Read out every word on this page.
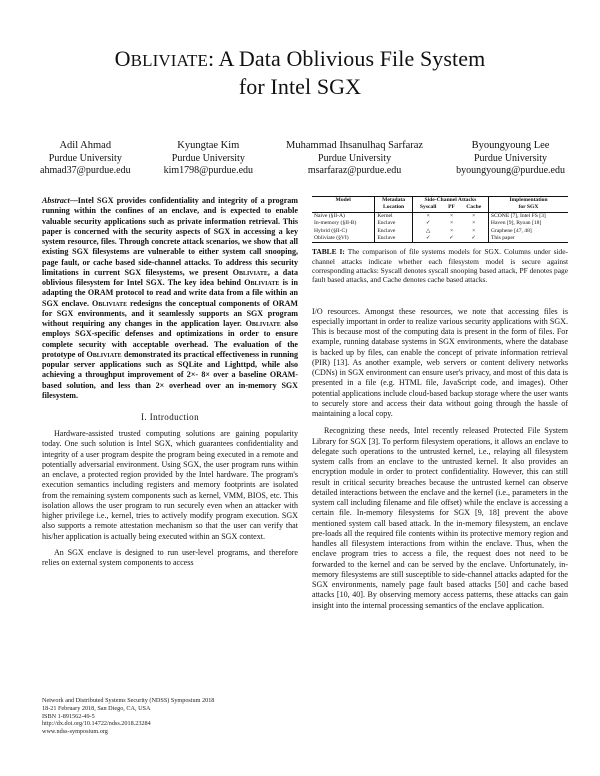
OBLIVIATE: A Data Oblivious File System
for Intel SGX
Adil Ahmad
Purdue University
ahmad37@purdue.edu
Kyungtae Kim
Purdue University
kim1798@purdue.edu
Muhammad Ihsanulhaq Sarfaraz
Purdue University
msarfaraz@purdue.edu
Byoungyoung Lee
Purdue University
byoungyoung@purdue.edu

Abstract—Intel SGX provides confidentiality and integrity of a program running within the confines of an enclave, and is expected to enable valuable security applications such as private information retrieval. This paper is concerned with the security aspects of SGX in accessing a key system resource, files. Through concrete attack scenarios, we show that all existing SGX filesystems are vulnerable to either system call snooping, page fault, or cache based side-channel attacks. To address this security limitations in current SGX filesystems, we present Obliviate, a data oblivious filesystem for Intel SGX. The key idea behind Obliviate is in adapting the ORAM protocol to read and write data from a file within an SGX enclave. Obliviate redesigns the conceptual components of ORAM for SGX environments, and it seamlessly supports an SGX program without requiring any changes in the application layer. Obliviate also employs SGX-specific defenses and optimizations in order to ensure complete security with acceptable overhead. The evaluation of the prototype of Obliviate demonstrated its practical effectiveness in running popular server applications such as SQLite and Lighttpd, while also achieving a throughput improvement of 2×- 8× over a baseline ORAM-based solution, and less than 2× overhead over an in-memory SGX filesystem.

I. Introduction

Hardware-assisted trusted computing solutions are gaining popularity today. One such solution is Intel SGX, which guarantees confidentiality and integrity of a user program despite the program being executed in a remote and potentially adversarial environment. Using SGX, the user program runs within an enclave, a protected region provided by the Intel hardware. The program's execution semantics including registers and memory footprints are isolated from the remaining system components such as kernel, VMM, BIOS, etc. This isolation allows the user program to run securely even when an attacker with higher privilege i.e., kernel, tries to actively modify program execution. SGX also supports a remote attestation mechanism so that the user can verify that his/her application is actually being executed within an SGX context.

An SGX enclave is designed to run user-level programs, and therefore relies on external system components to access

Network and Distributed Systems Security (NDSS) Symposium 2018
18-21 February 2018, San Diego, CA, USA
ISBN 1-891562-49-5
http://dx.doi.org/10.14722/ndss.2018.23284
www.ndss-symposium.org
Model	Metadata	Side-Channel Attacks			Implementation
	Location	Syscall	PF	Cache	for SGX
Naive (§II-A)	Kernel	×	×	×	SCONE [7], Intel FS [3]
In-memory (§II-B)	Enclave	✓	×	×	Haven [9], Ryoan [18]
Hybrid (§II-C)	Enclave	△	×	×	Graphene [47, 48]
Obliviate (§VI)	Enclave	✓	✓	✓	This paper

TABLE I: The comparison of file systems models for SGX. Columns under side-channel attacks indicate whether each filesystem model is secure against corresponding attacks: Syscall denotes syscall snooping based attack, PF denotes page fault based attacks, and Cache denotes cache based attacks.

I/O resources. Amongst these resources, we note that accessing files is especially important in order to realize various security applications with SGX. This is because most of the computing data is present in the form of files. For example, running database systems in SGX environments, where the database is backed up by files, can enable the concept of private information retrieval (PIR) [13]. As another example, web servers or content delivery networks (CDNs) in SGX environment can ensure user's privacy, and most of this data is presented in a file (e.g. HTML file, JavaScript code, and images). Other potential applications include cloud-based backup storage where the user wants to securely store and access their data without going through the hassle of maintaining a local copy.

Recognizing these needs, Intel recently released Protected File System Library for SGX [3]. To perform filesystem operations, it allows an enclave to delegate such operations to the untrusted kernel, i.e., relaying all filesystem system calls from an enclave to the untrusted kernel. It also provides an encryption module in order to protect confidentiality. However, this can still result in critical security breaches because the untrusted kernel can observe detailed interactions between the enclave and the kernel (i.e., parameters in the system call including filename and file offset) while the enclave is accessing a certain file. In-memory filesystems for SGX [9, 18] prevent the above mentioned system call based attack. In the in-memory filesystem, an enclave pre-loads all the required file contents within its protective memory region and handles all filesystem interactions from within the enclave. Thus, when the enclave program tries to access a file, the request does not need to be forwarded to the kernel and can be served by the enclave. Unfortunately, in-memory filesystems are still susceptible to side-channel attacks adapted for the SGX environments, namely page fault based attacks [50] and cache based attacks [10, 40]. By observing memory access patterns, these attacks can gain insight into the internal processing semantics of the enclave application.
